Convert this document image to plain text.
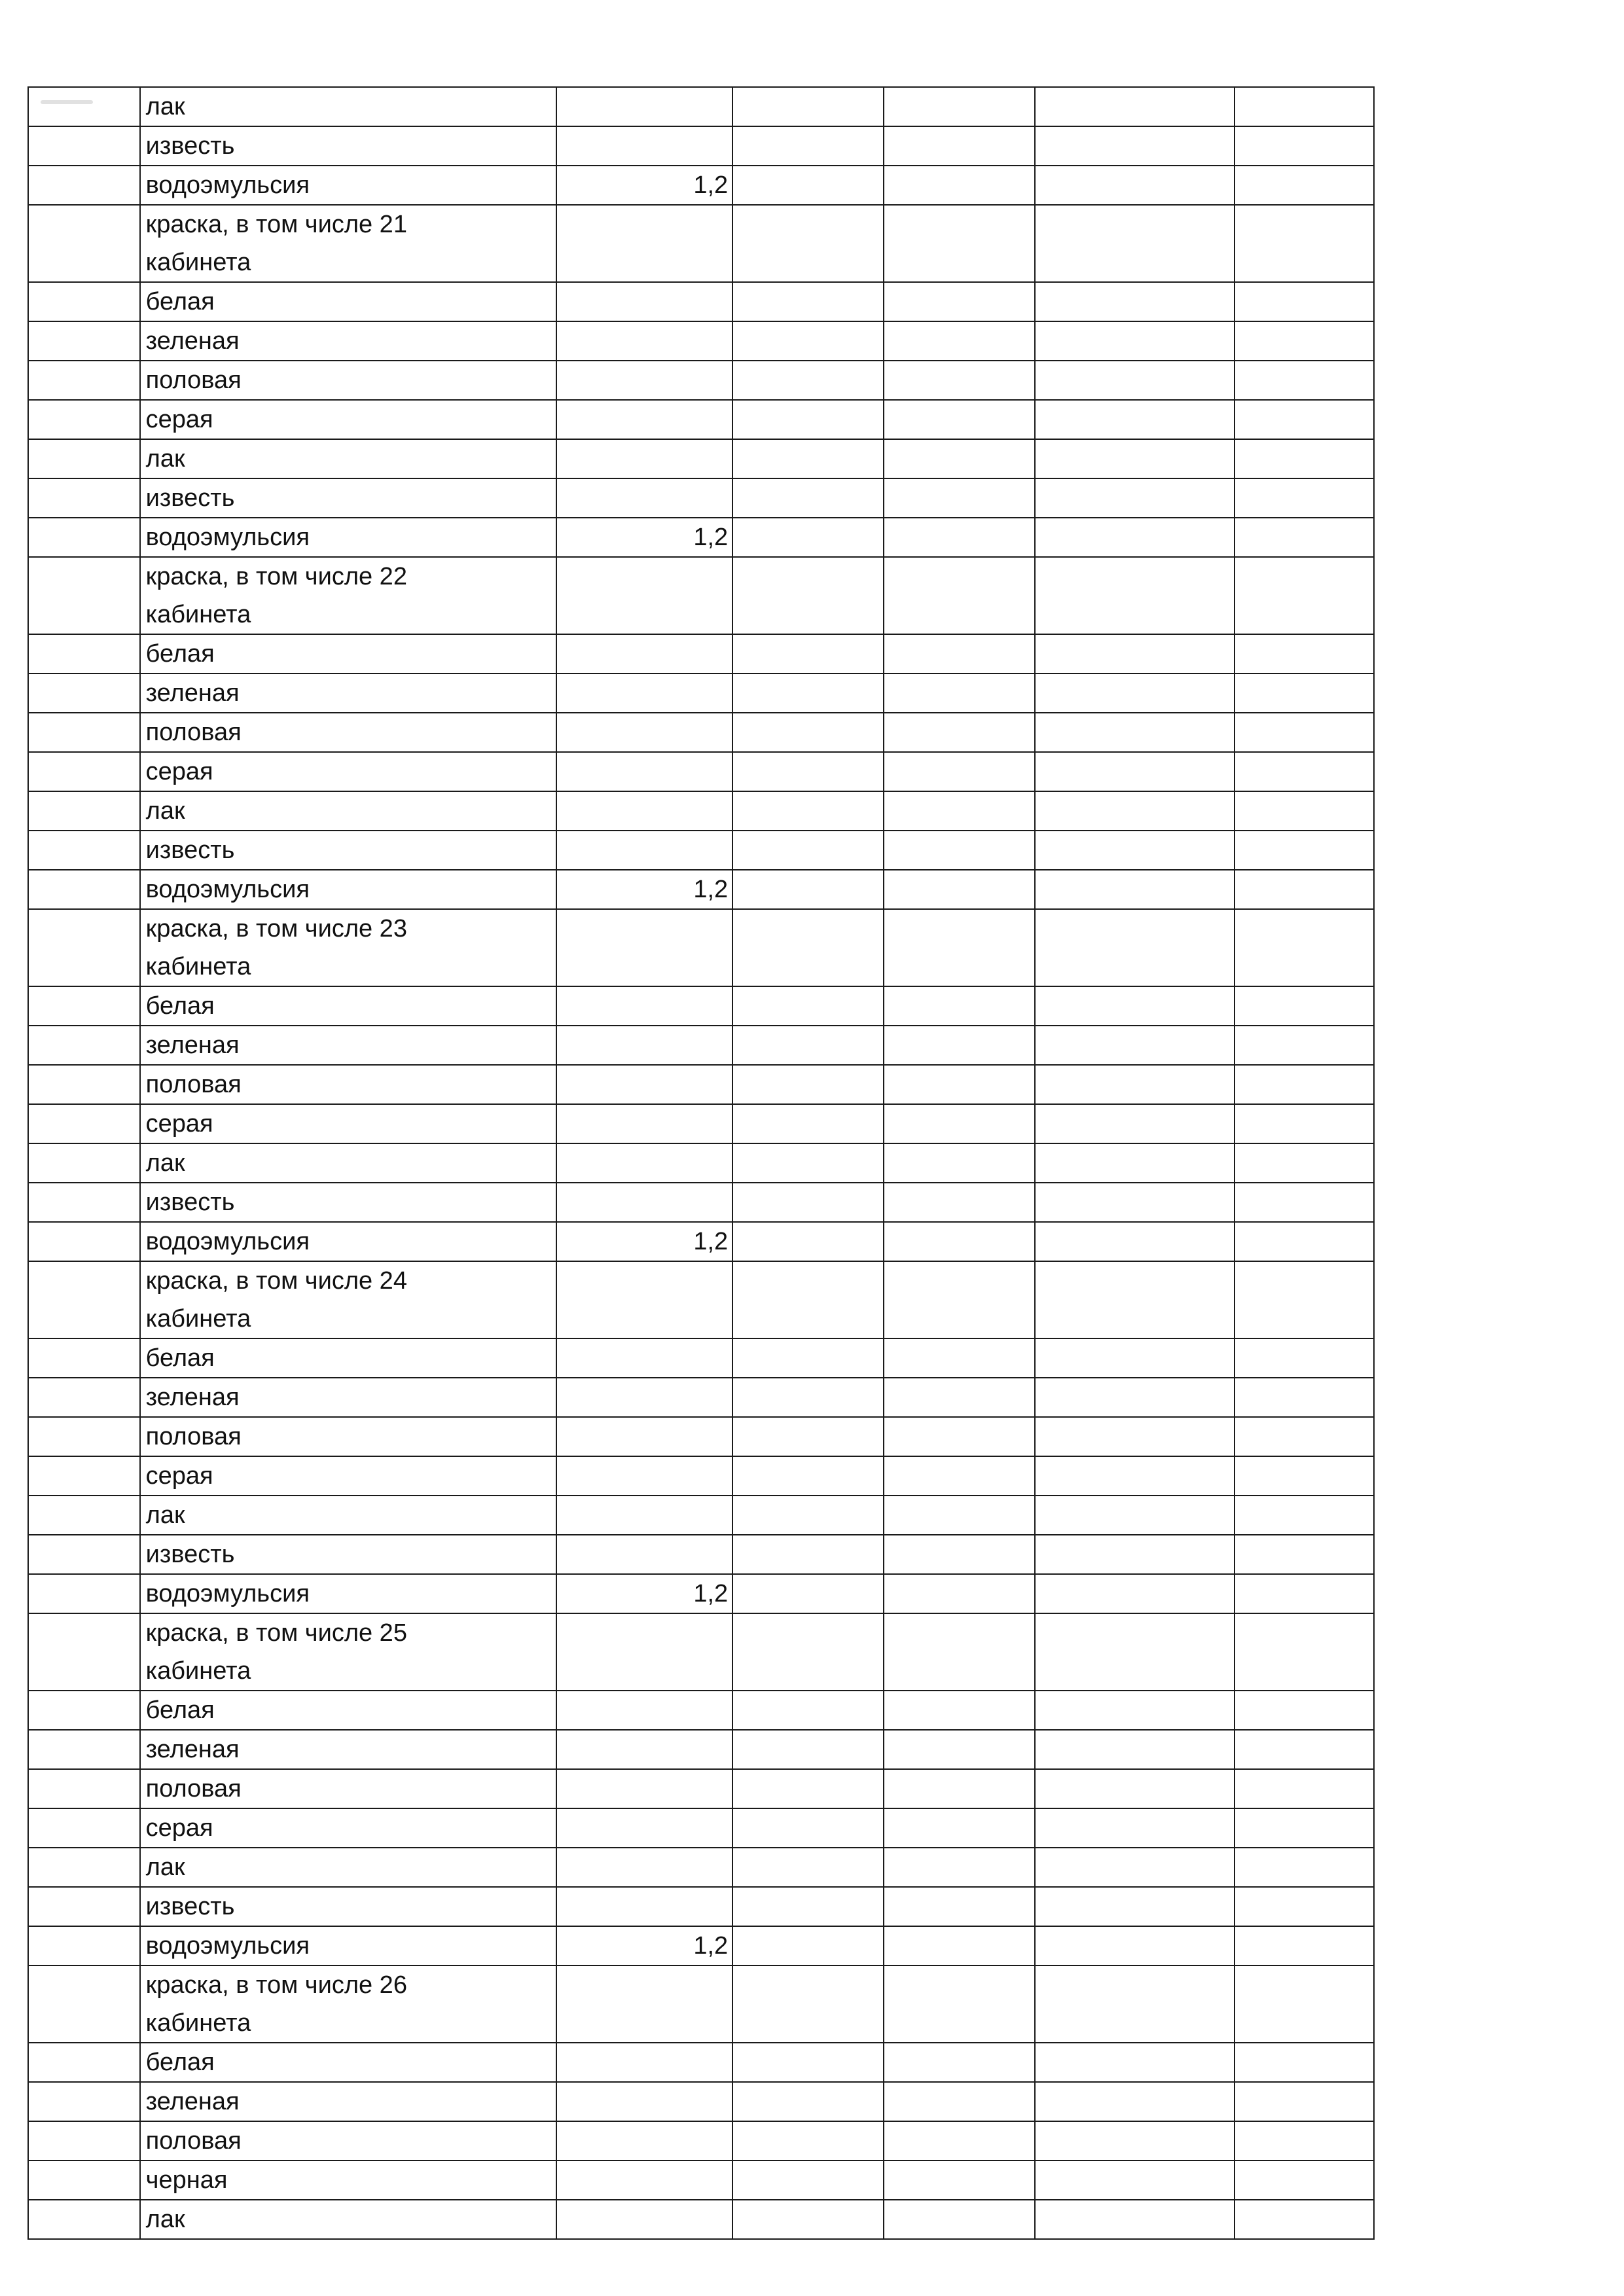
	лак					
	известь					
	водоэмульсия	1,2				

	краска, в том числе 21
кабинета					

	белая					
	зеленая					
	половая					
	серая					
	лак					
	известь					
	водоэмульсия	1,2				

	краска, в том числе 22
кабинета					

	белая					
	зеленая					
	половая					
	серая					
	лак					
	известь					
	водоэмульсия	1,2				

	краска, в том числе 23
кабинета					

	белая					
	зеленая					
	половая					
	серая					
	лак					
	известь					
	водоэмульсия	1,2				

	краска, в том числе 24
кабинета					

	белая					
	зеленая					
	половая					
	серая					
	лак					
	известь					
	водоэмульсия	1,2				

	краска, в том числе 25
кабинета					

	белая					
	зеленая					
	половая					
	серая					
	лак					
	известь					
	водоэмульсия	1,2				

	краска, в том числе 26
кабинета					

	белая					
	зеленая					
	половая					
	черная					
	лак					
